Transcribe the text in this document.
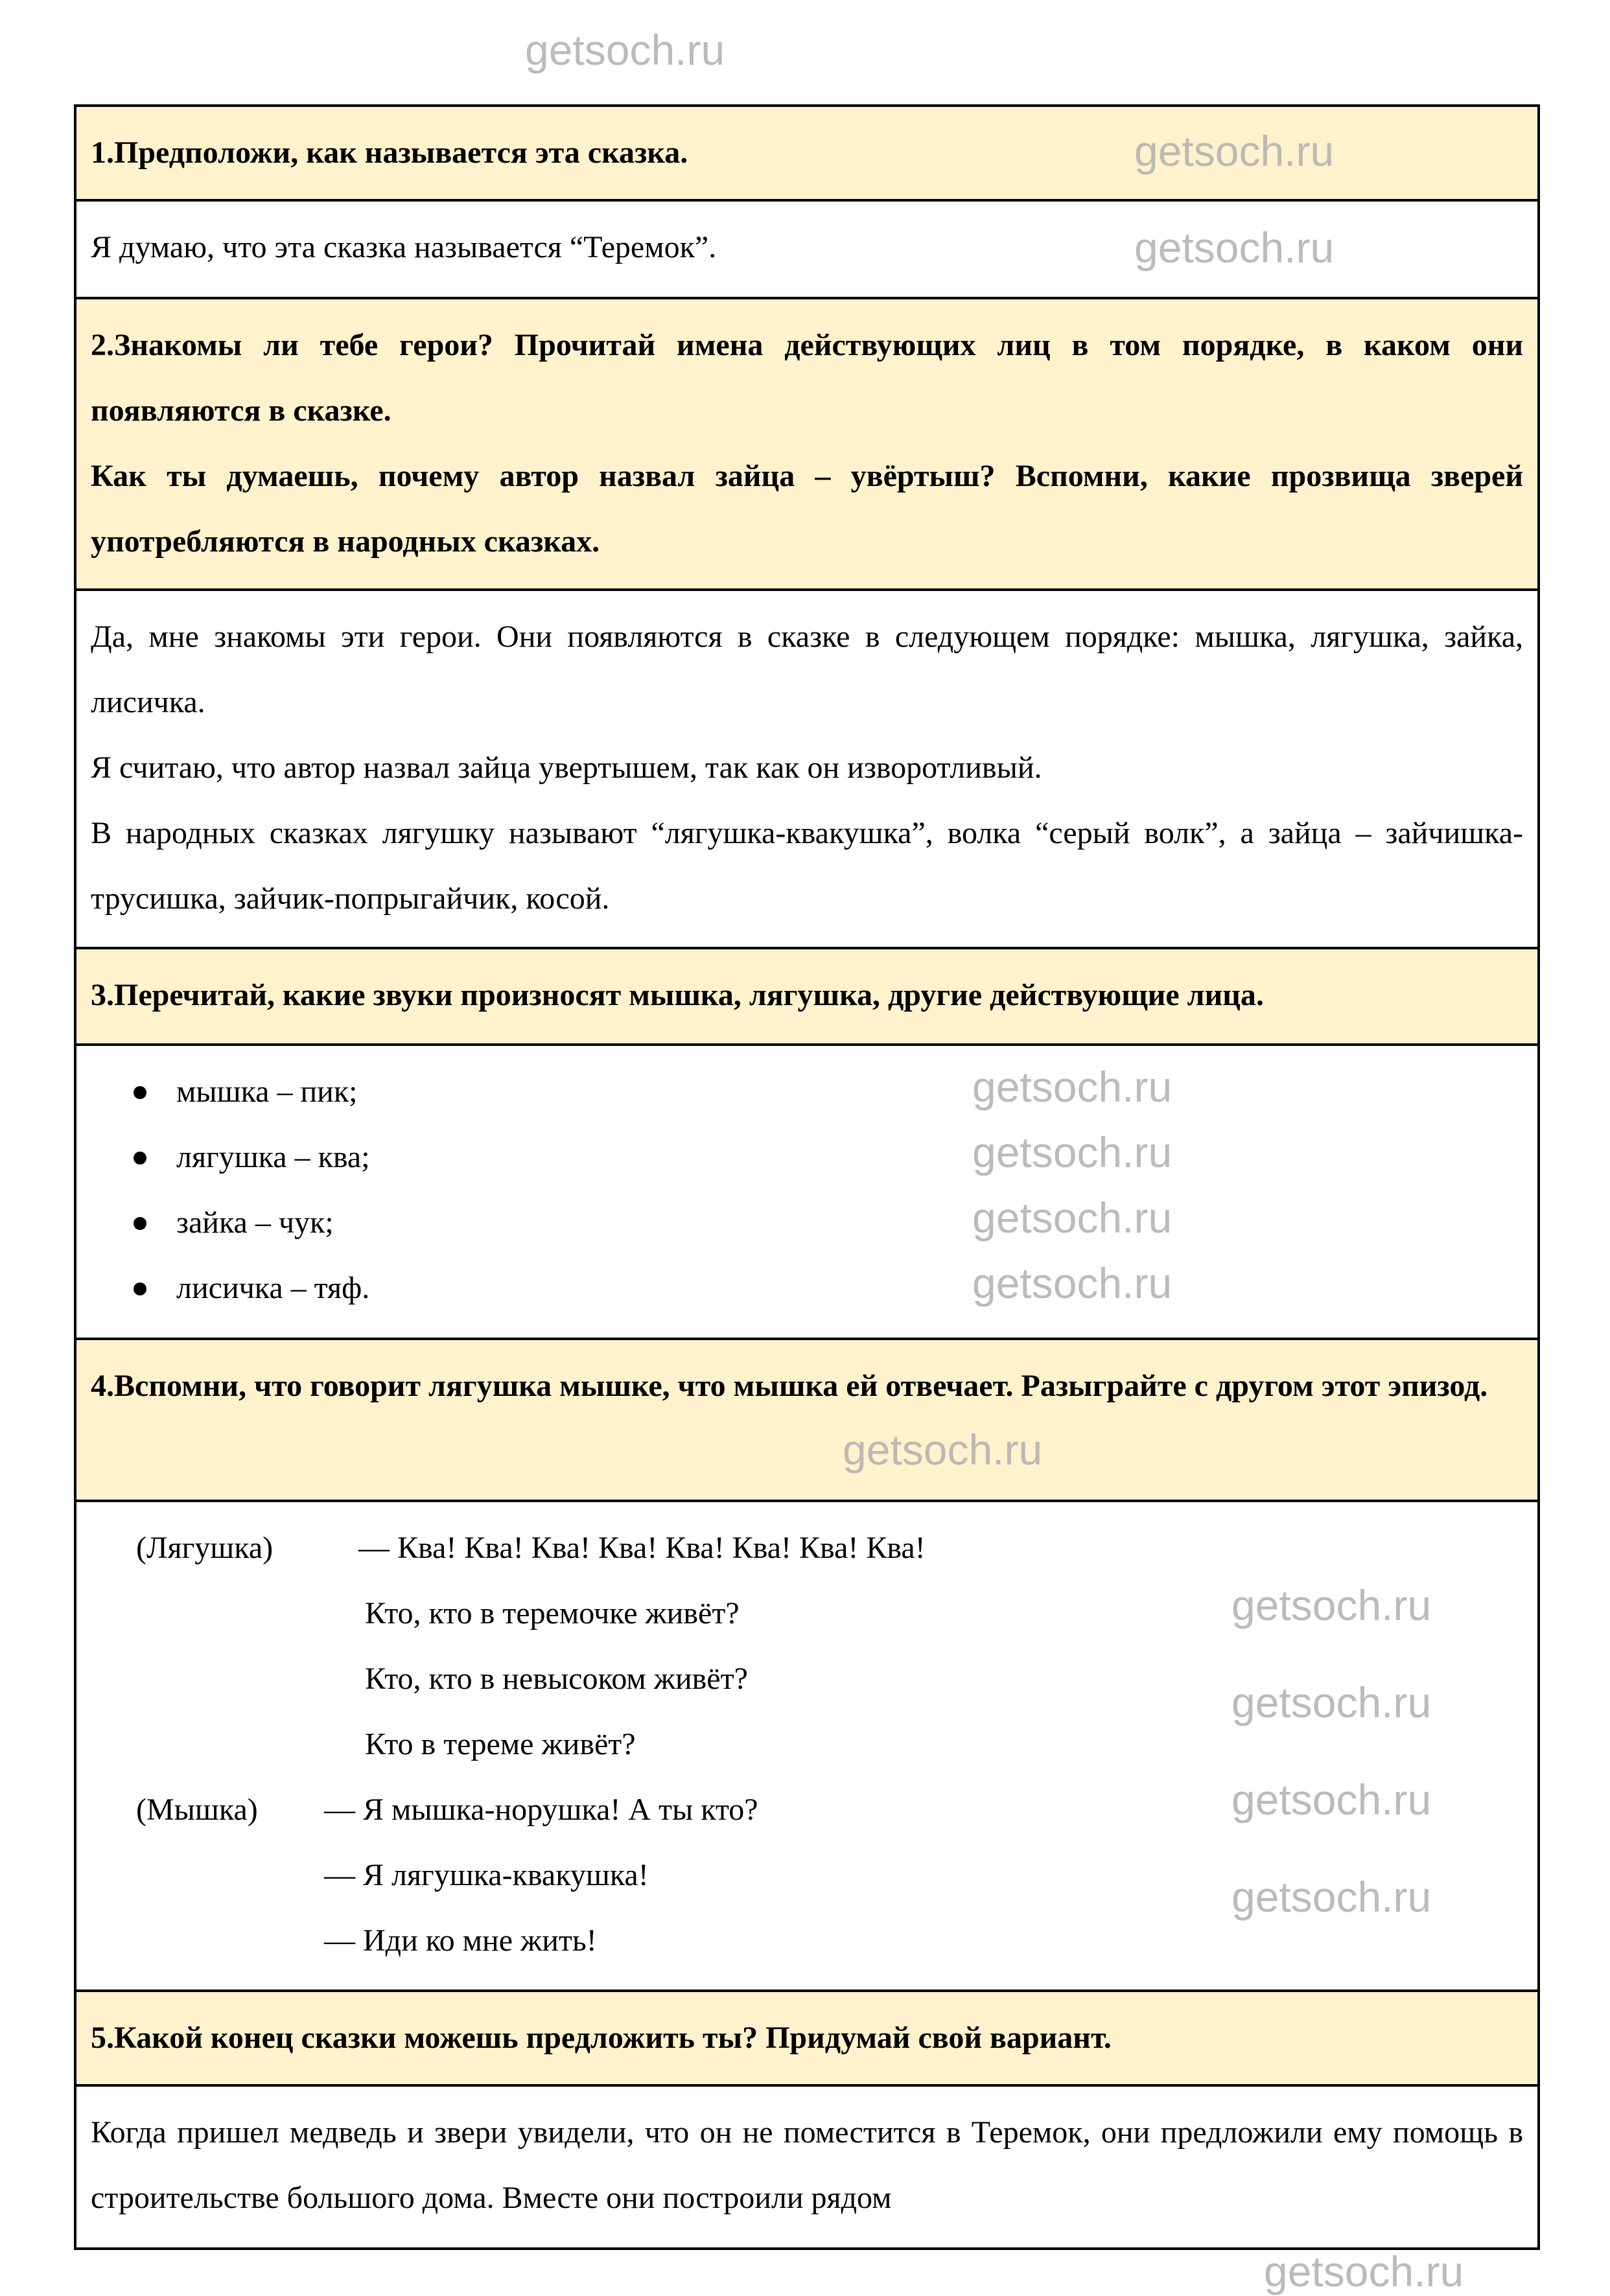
1.Предположи, как называется эта сказка.

Я думаю, что эта сказка называется “Теремок”.

2.Знакомы ли тебе герои? Прочитай имена действующих лиц в том порядке, в каком они появляются в сказке.

Как ты думаешь, почему автор назвал зайца – увёртыш? Вспомни, какие прозвища зверей употребляются в народных сказках.

Да, мне знакомы эти герои. Они появляются в сказке в следующем порядке: мышка, лягушка, зайка, лисичка.

Я считаю, что автор назвал зайца увертышем, так как он изворотливый.

В народных сказках лягушку называют “лягушка-квакушка”, волка “серый волк”, а зайца – зайчишка-трусишка, зайчик-попрыгайчик, косой.

3.Перечитай, какие звуки произносят мышка, лягушка, другие действующие лица.

мышка – пик;
лягушка – ква;
зайка – чук;
лисичка – тяф.

4.Вспомни, что говорит лягушка мышке, что мышка ей отвечает. Разыграйте с другом этот эпизод.

(Лягушка)	— Ква! Ква! Ква! Ква! Ква! Ква! Ква! Ква!
Кто, кто в теремочке живёт?
Кто, кто в невысоком живёт?
Кто в тереме живёт?
(Мышка) — Я мышка-норушка! А ты кто?
— Я лягушка-квакушка!
— Иди ко мне жить!

5.Какой конец сказки можешь предложить ты? Придумай свой вариант.

Когда пришел медведь и звери увидели, что он не поместится в Теремок, они предложили ему помощь в строительстве большого дома. Вместе они построили рядом

getsoch.ru
getsoch.ru
getsoch.ru
getsoch.ru
getsoch.ru
getsoch.ru
getsoch.ru
getsoch.ru
getsoch.ru
getsoch.ru
getsoch.ru
getsoch.ru
getsoch.ru
